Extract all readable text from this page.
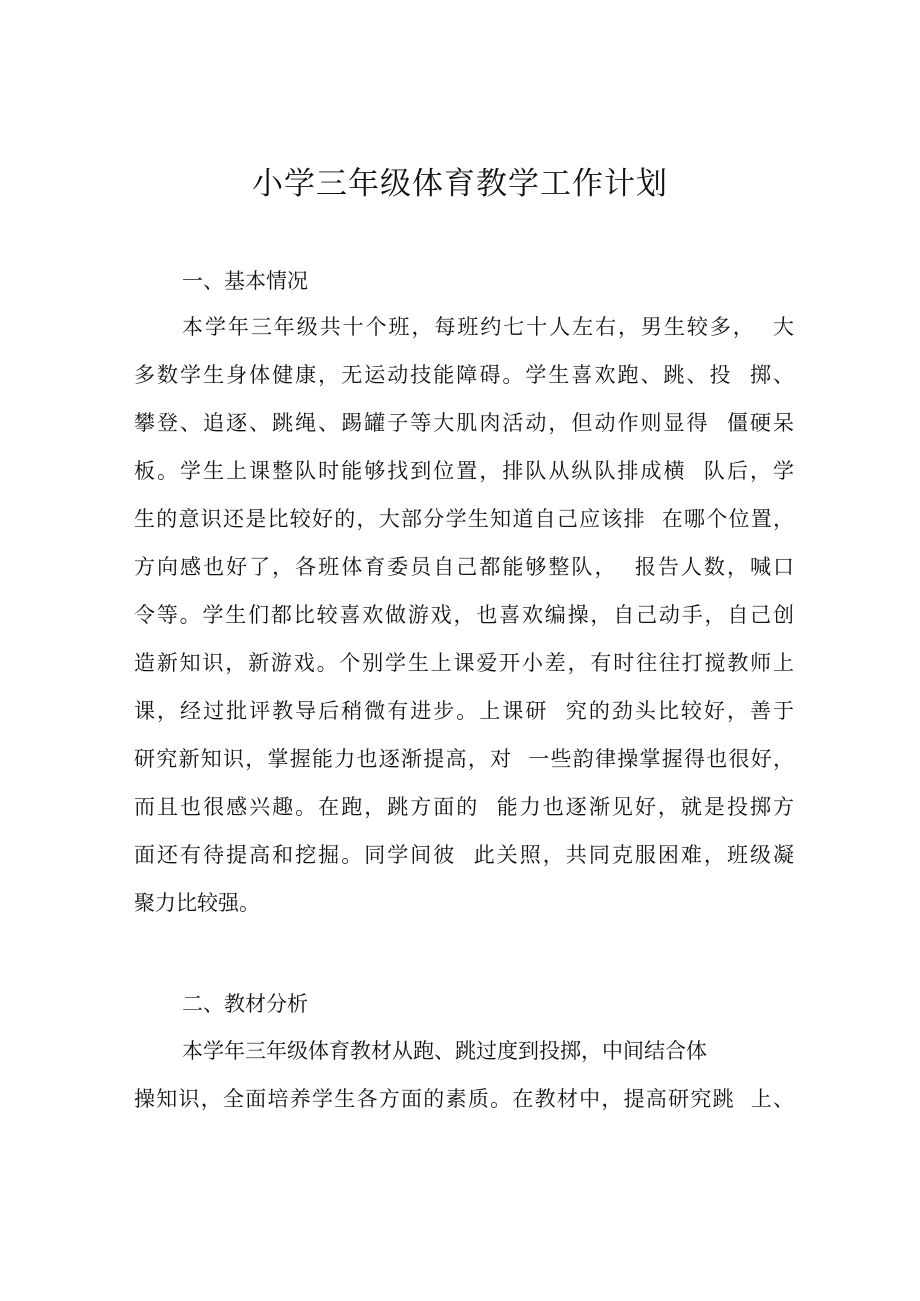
小学三年级体育教学工作计划
一、基本情况

本学年三年级共十个班，每班约七十人左右，男生较多，  大

多数学生身体健康，无运动技能障碍。学生喜欢跑、跳、投  掷、

攀登、追逐、跳绳、踢罐子等大肌肉活动，但动作则显得  僵硬呆

板。学生上课整队时能够找到位置，排队从纵队排成横  队后，学

生的意识还是比较好的，大部分学生知道自己应该排  在哪个位置，

方向感也好了，各班体育委员自己都能够整队，  报告人数，喊口

令等。学生们都比较喜欢做游戏，也喜欢编操，自己动手，自己创

造新知识，新游戏。个别学生上课爱开小差，有时往往打搅教师上

课，经过批评教导后稍微有进步。上课研  究的劲头比较好，善于

研究新知识，掌握能力也逐渐提高，对  一些韵律操掌握得也很好，

而且也很感兴趣。在跑，跳方面的  能力也逐渐见好，就是投掷方

面还有待提高和挖掘。同学间彼  此关照，共同克服困难，班级凝

聚力比较强。

二、教材分析

本学年三年级体育教材从跑、跳过度到投掷，中间结合体

操知识，全面培养学生各方面的素质。在教材中，提高研究跳  上、
